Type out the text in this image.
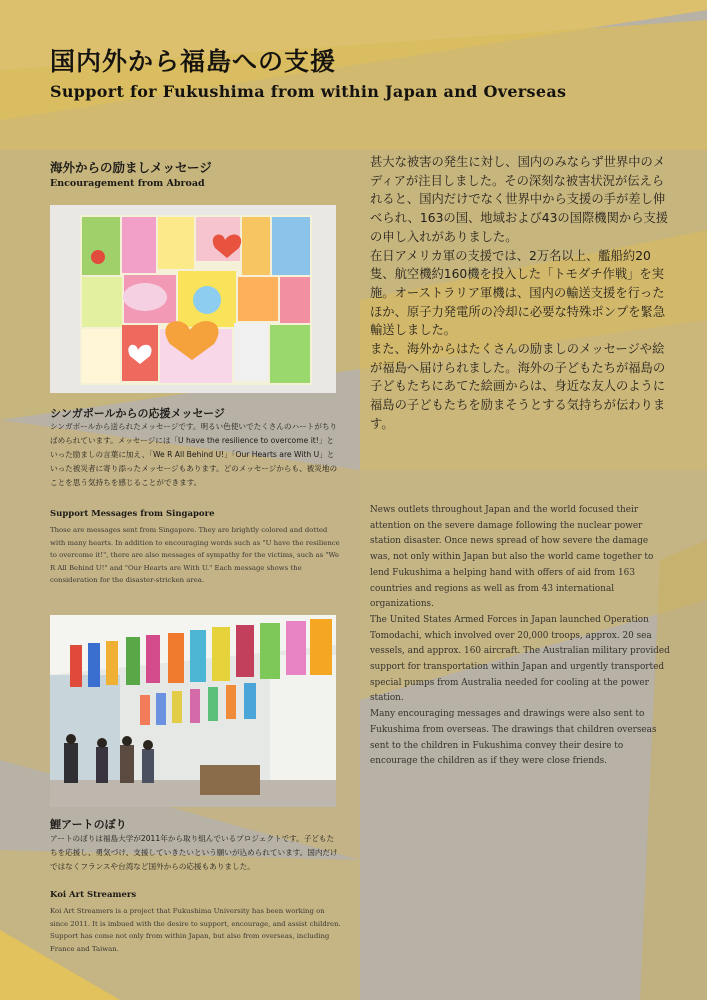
国内外から福島への支援
Support for Fukushima from within Japan and Overseas
海外からの励ましメッセージ
Encouragement from Abroad
シンガポールからの応援メッセージ

シンガポールから送られたメッセージです。明るい色使いでたくさんのハートがちりばめられています。メッセージには「U have the resilience to overcome it!」といった励ましの言葉に加え、「We R All Behind U!」「Our Hearts are With U」といった被災者に寄り添ったメッセージもあります。どのメッセージからも、被災地のことを思う気持ちを感じることができます。

Support Messages from Singapore

Those are messages sent from Singapore. They are brightly colored and dotted with many hearts. In addition to encouraging words such as "U have the resilience to overcome it!", there are also messages of sympathy for the victims, such as "We R All Behind U!" and "Our Hearts are With U." Each message shows the consideration for the disaster-stricken area.

鯉アートのぼり

アートのぼりは福島大学が2011年から取り組んでいるプロジェクトです。子どもたちを応援し、勇気づけ、支援していきたいという願いが込められています。国内だけではなくフランスや台湾など国外からの応援もありました。

Koi Art Streamers

Koi Art Streamers is a project that Fukushima University has been working on since 2011. It is imbued with the desire to support, encourage, and assist children. Support has come not only from within Japan, but also from overseas, including France and Taiwan.

甚大な被害の発生に対し、国内のみならず世界中のメディアが注目しました。その深刻な被害状況が伝えられると、国内だけでなく世界中から支援の手が差し伸べられ、163の国、地域および43の国際機関から支援の申し入れがありました。

在日アメリカ軍の支援では、2万名以上、艦船約20隻、航空機約160機を投入した「トモダチ作戦」を実施。オーストラリア軍機は、国内の輸送支援を行ったほか、原子力発電所の冷却に必要な特殊ポンプを緊急輸送しました。

また、海外からはたくさんの励ましのメッセージや絵が福島へ届けられました。海外の子どもたちが福島の子どもたちにあてた絵画からは、身近な友人のように福島の子どもたちを励まそうとする気持ちが伝わります。

News outlets throughout Japan and the world focused their attention on the severe damage following the nuclear power station disaster. Once news spread of how severe the damage was, not only within Japan but also the world came together to lend Fukushima a helping hand with offers of aid from 163 countries and regions as well as from 43 international organizations.

The United States Armed Forces in Japan launched Operation Tomodachi, which involved over 20,000 troops, approx. 20 sea vessels, and approx. 160 aircraft. The Australian military provided support for transportation within Japan and urgently transported special pumps from Australia needed for cooling at the power station.

Many encouraging messages and drawings were also sent to Fukushima from overseas. The drawings that children overseas sent to the children in Fukushima convey their desire to encourage the children as if they were close friends.
